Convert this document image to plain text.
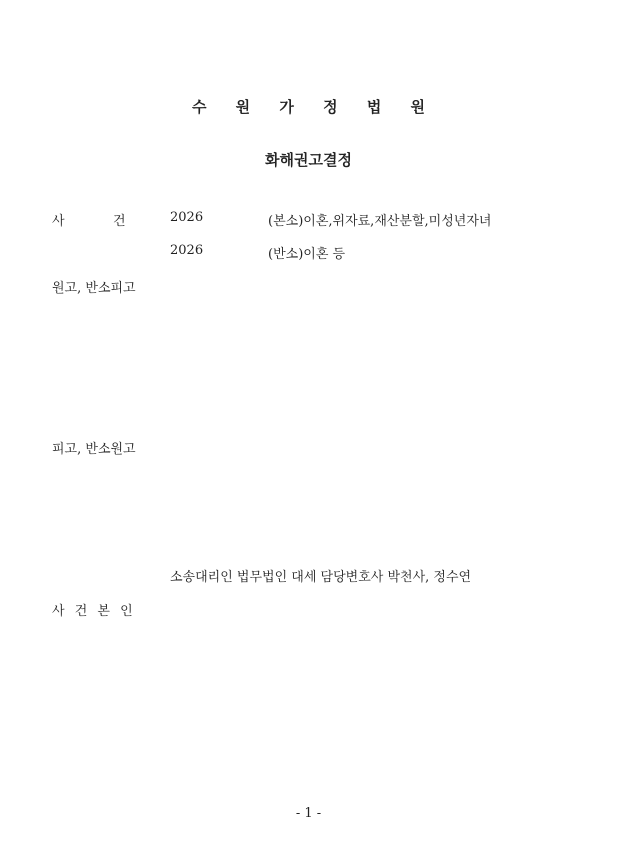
수 원 가 정 법 원
화해권고결정
사	건	2026	(본소)이혼,위자료,재산분할,미성년자녀
2026	(반소)이혼 등
원고, 반소피고
피고, 반소원고
소송대리인 법무법인 대세 담당변호사 박천사, 정수연
사 건 본 인
- 1 -
